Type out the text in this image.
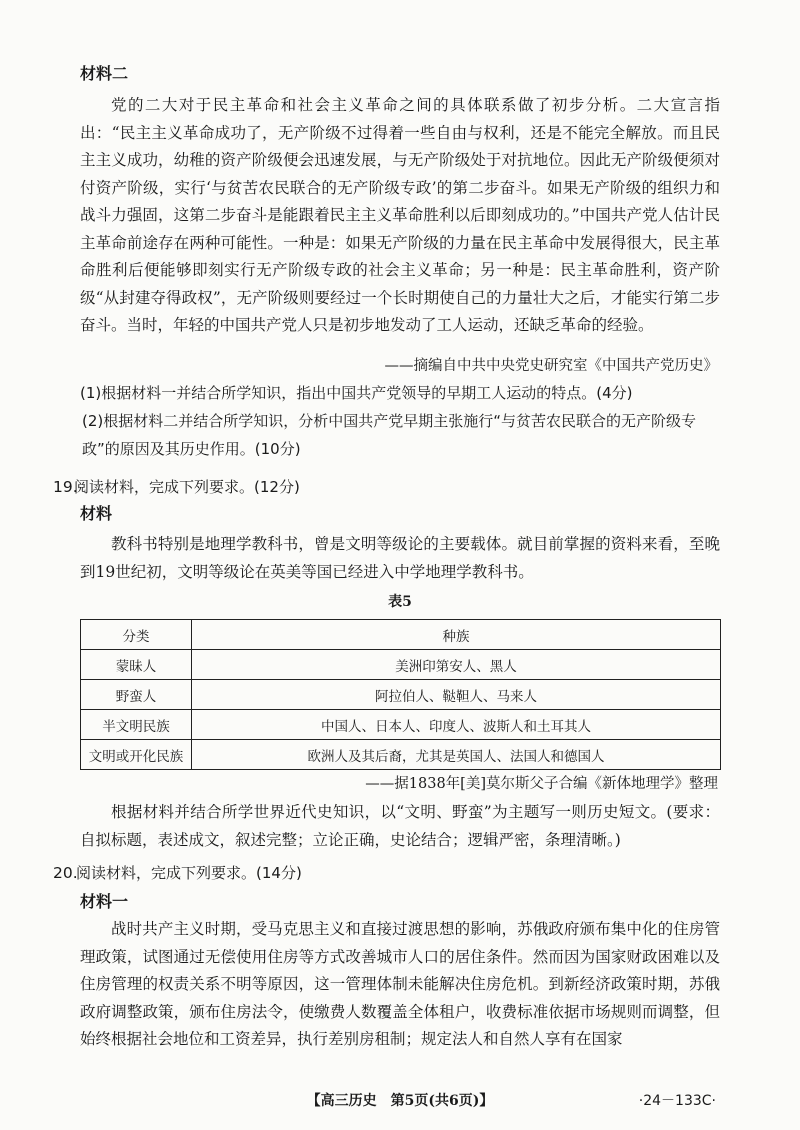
材料二

党的二大对于民主革命和社会主义革命之间的具体联系做了初步分析。二大宣言指出：“民主主义革命成功了，无产阶级不过得着一些自由与权利，还是不能完全解放。而且民主主义成功，幼稚的资产阶级便会迅速发展，与无产阶级处于对抗地位。因此无产阶级便须对付资产阶级，实行‘与贫苦农民联合的无产阶级专政’的第二步奋斗。如果无产阶级的组织力和战斗力强固，这第二步奋斗是能跟着民主主义革命胜利以后即刻成功的。”中国共产党人估计民主革命前途存在两种可能性。一种是：如果无产阶级的力量在民主革命中发展得很大，民主革命胜利后便能够即刻实行无产阶级专政的社会主义革命；另一种是：民主革命胜利，资产阶级“从封建夺得政权”，无产阶级则要经过一个长时期使自己的力量壮大之后，才能实行第二步奋斗。当时，年轻的中国共产党人只是初步地发动了工人运动，还缺乏革命的经验。

——摘编自中共中央党史研究室《中国共产党历史》

(1)根据材料一并结合所学知识，指出中国共产党领导的早期工人运动的特点。(4分)

(2)根据材料二并结合所学知识，分析中国共产党早期主张施行“与贫苦农民联合的无产阶级专政”的原因及其历史作用。(10分)

19.
阅读材料，完成下列要求。(12分)
材料

教科书特别是地理学教科书，曾是文明等级论的主要载体。就目前掌握的资料来看，至晚到19世纪初，文明等级论在英美等国已经进入中学地理学教科书。

表5
分类	种族
蒙昧人	美洲印第安人、黑人
野蛮人	阿拉伯人、鞑靼人、马来人
半文明民族	中国人、日本人、印度人、波斯人和土耳其人
文明或开化民族	欧洲人及其后裔，尤其是英国人、法国人和德国人
——据1838年[美]莫尔斯父子合编《新体地理学》整理

根据材料并结合所学世界近代史知识，以“文明、野蛮”为主题写一则历史短文。(要求：自拟标题，表述成文，叙述完整；立论正确，史论结合；逻辑严密，条理清晰。)

20.
阅读材料，完成下列要求。(14分)
材料一

战时共产主义时期，受马克思主义和直接过渡思想的影响，苏俄政府颁布集中化的住房管理政策，试图通过无偿使用住房等方式改善城市人口的居住条件。然而因为国家财政困难以及住房管理的权责关系不明等原因，这一管理体制未能解决住房危机。到新经济政策时期，苏俄政府调整政策，颁布住房法令，使缴费人数覆盖全体租户，收费标准依据市场规则而调整，但始终根据社会地位和工资差异，执行差别房租制；规定法人和自然人享有在国家

【高三历史　第5页(共6页)】	·24－133C·
